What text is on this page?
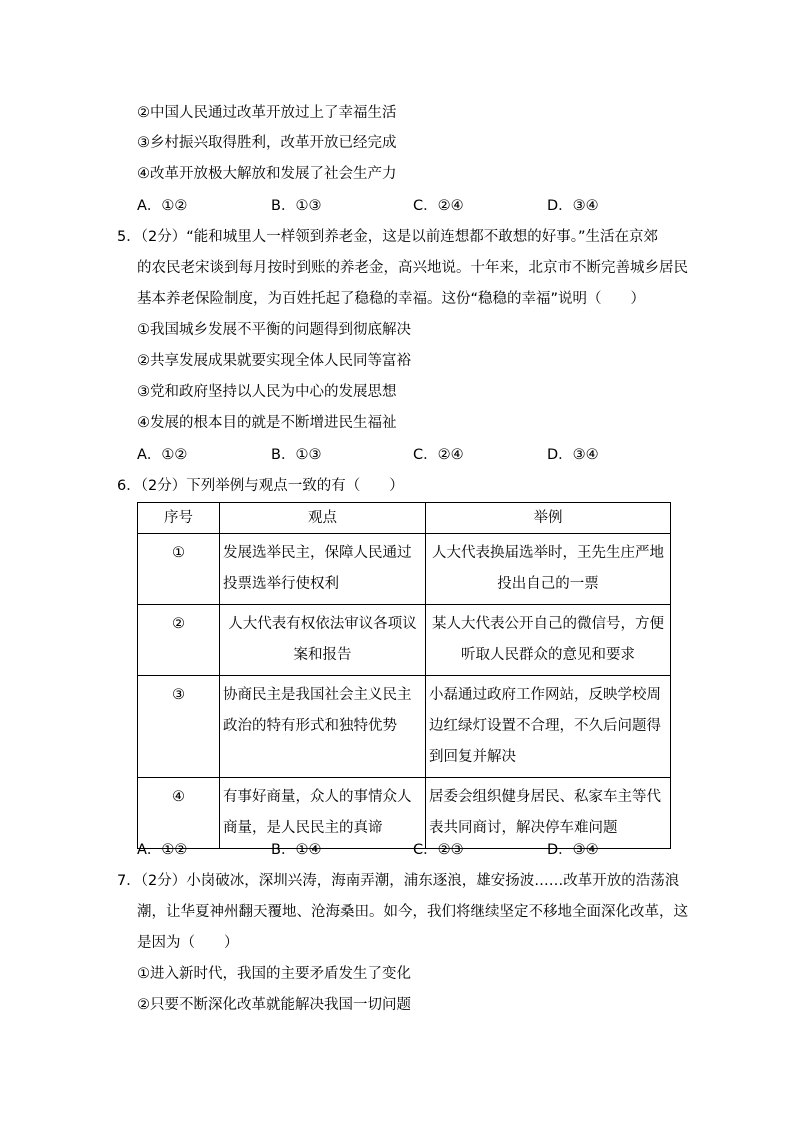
②中国人民通过改革开放过上了幸福生活
③乡村振兴取得胜利，改革开放已经完成
④改革开放极大解放和发展了社会生产力
A．①②	B．①③	C．②④	D．③④
5．（2分）“能和城里人一样领到养老金，这是以前连想都不敢想的好事。”生活在京郊
的农民老宋谈到每月按时到账的养老金，高兴地说。十年来，北京市不断完善城乡居民
基本养老保险制度，为百姓托起了稳稳的幸福。这份“稳稳的幸福”说明（　　）
①我国城乡发展不平衡的问题得到彻底解决
②共享发展成果就要实现全体人民同等富裕
③党和政府坚持以人民为中心的发展思想
④发展的根本目的就是不断增进民生福祉
A．①②	B．①③	C．②④	D．③④
6．（2分）下列举例与观点一致的有（　　）
序号	观点	举例
①	发展选举民主，保障人民通过投票选举行使权利	人大代表换届选举时，王先生庄严地投出自己的一票
②	人大代表有权依法审议各项议案和报告	某人大代表公开自己的微信号，方便听取人民群众的意见和要求
③	协商民主是我国社会主义民主政治的特有形式和独特优势	小磊通过政府工作网站，反映学校周边红绿灯设置不合理，不久后问题得到回复并解决
④	有事好商量，众人的事情众人商量，是人民民主的真谛	居委会组织健身居民、私家车主等代表共同商讨，解决停车难问题
A．①②	B．①④	C．②③	D．③④
7．（2分）小岗破冰，深圳兴涛，海南弄潮，浦东逐浪，雄安扬波……改革开放的浩荡浪
潮，让华夏神州翻天覆地、沧海桑田。如今，我们将继续坚定不移地全面深化改革，这
是因为（　　）
①进入新时代，我国的主要矛盾发生了变化
②只要不断深化改革就能解决我国一切问题
